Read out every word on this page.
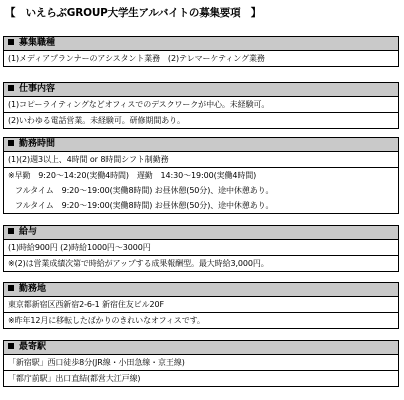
【　いえらぶGROUP大学生アルバイトの募集要項　】
募集職種
(1)メディアプランナーのアシスタント業務　(2)テレマーケティング業務
仕事内容
(1)コピーライティングなどオフィスでのデスクワークが中心。未経験可。
(2)いわゆる電話営業。未経験可。研修期間あり。
勤務時間
(1)(2)週3以上、4時間 or 8時間シフト制勤務
※早勤　9:20～14:20(実働4時間)　遅勤　14:30～19:00(実働4時間)
フルタイム　9:20～19:00(実働8時間) お昼休憩(50分)、途中休憩あり。
フルタイム　9:20～19:00(実働8時間) お昼休憩(50分)、途中休憩あり。
給与
(1)時給900円 (2)時給1000円～3000円
※(2)は営業成績次第で時給がアップする成果報酬型。最大時給3,000円。
勤務地
東京都新宿区西新宿2-6-1 新宿住友ビル20F
※昨年12月に移転したばかりのきれいなオフィスです。
最寄駅
「新宿駅」西口徒歩8分(JR線・小田急線・京王線)
「都庁前駅」出口直結(都営大江戸線)
